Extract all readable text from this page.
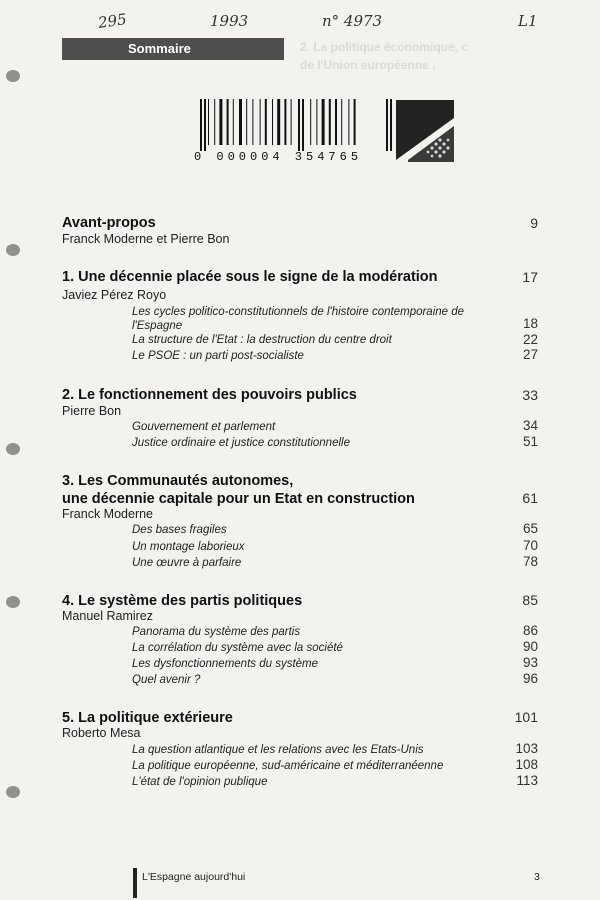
295	1993	n° 4973	L1
2. La politique économique, c
de l'Union européenne ,
Sommaire
0 000004 354765
Avant-propos	9
Franck Moderne et Pierre Bon
1. Une décennie placée sous le signe de la modération	17
Javiez Pérez Royo
Les cycles politico-constitutionnels de l'histoire contemporaine de l'Espagne	18
La structure de l'Etat : la destruction du centre droit	22
Le PSOE : un parti post-socialiste	27
2. Le fonctionnement des pouvoirs publics	33
Pierre Bon
Gouvernement et parlement	34
Justice ordinaire et justice constitutionnelle	51
3. Les Communautés autonomes,
une décennie capitale pour un Etat en construction	61
Franck Moderne
Des bases fragiles	65
Un montage laborieux	70
Une œuvre à parfaire	78
4. Le système des partis politiques	85
Manuel Ramirez
Panorama du système des partis	86
La corrélation du système avec la société	90
Les dysfonctionnements du système	93
Quel avenir ?	96
5. La politique extérieure	101
Roberto Mesa
La question atlantique et les relations avec les Etats-Unis	103
La politique européenne, sud-américaine et méditerranéenne	108
L'état de l'opinion publique	113
L'Espagne aujourd'hui	3
